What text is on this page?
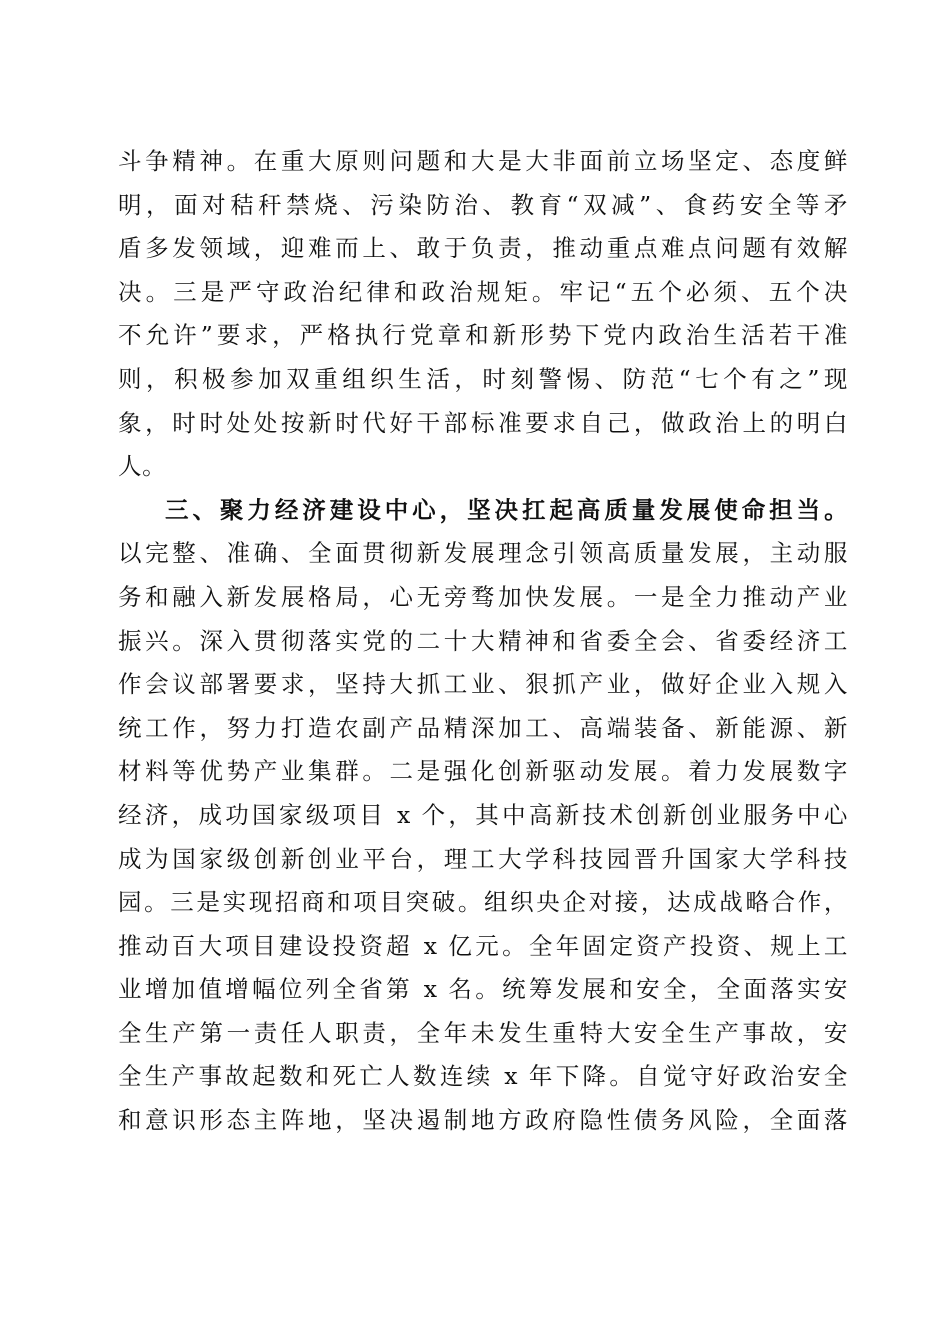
斗争精神。在重大原则问题和大是大非面前立场坚定、态度鲜
明，面对秸秆禁烧、污染防治、教育“双减”、食药安全等矛
盾多发领域，迎难而上、敢于负责，推动重点难点问题有效解
决。三是严守政治纪律和政治规矩。牢记“五个必须、五个决
不允许”要求，严格执行党章和新形势下党内政治生活若干准
则，积极参加双重组织生活，时刻警惕、防范“七个有之”现
象，时时处处按新时代好干部标准要求自己，做政治上的明白
人。
三、聚力经济建设中心，坚决扛起高质量发展使命担当。
以完整、准确、全面贯彻新发展理念引领高质量发展，主动服
务和融入新发展格局，心无旁骛加快发展。一是全力推动产业
振兴。深入贯彻落实党的二十大精神和省委全会、省委经济工
作会议部署要求，坚持大抓工业、狠抓产业，做好企业入规入
统工作，努力打造农副产品精深加工、高端装备、新能源、新
材料等优势产业集群。二是强化创新驱动发展。着力发展数字
经济，成功国家级项目 x 个，其中高新技术创新创业服务中心
成为国家级创新创业平台，理工大学科技园晋升国家大学科技
园。三是实现招商和项目突破。组织央企对接，达成战略合作，
推动百大项目建设投资超 x 亿元。全年固定资产投资、规上工
业增加值增幅位列全省第 x 名。统筹发展和安全，全面落实安
全生产第一责任人职责，全年未发生重特大安全生产事故，安
全生产事故起数和死亡人数连续 x 年下降。自觉守好政治安全
和意识形态主阵地，坚决遏制地方政府隐性债务风险，全面落
